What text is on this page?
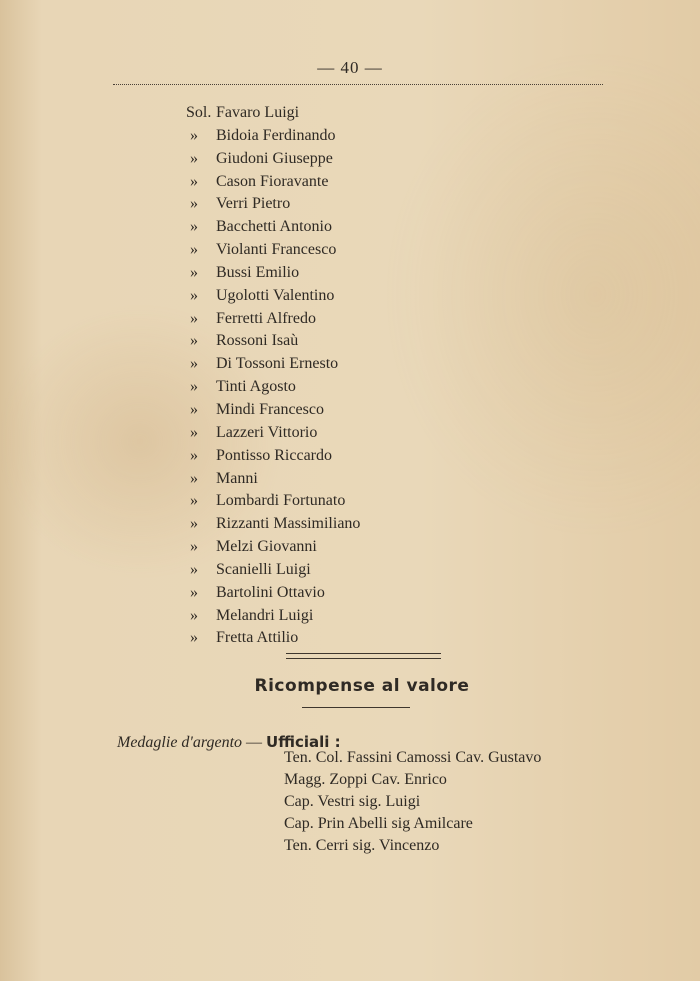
— 40 —
Sol. Favaro Luigi
» Bidoia Ferdinando
» Giudoni Giuseppe
» Cason Fioravante
» Verri Pietro
» Bacchetti Antonio
» Violanti Francesco
» Bussi Emilio
» Ugolotti Valentino
» Ferretti Alfredo
» Rossoni Isaù
» Di Tossoni Ernesto
» Tinti Agosto
» Mindi Francesco
» Lazzeri Vittorio
» Pontisso Riccardo
» Manni
» Lombardi Fortunato
» Rizzanti Massimiliano
» Melzi Giovanni
» Scanielli Luigi
» Bartolini Ottavio
» Melandri Luigi
» Fretta Attilio
Ricompense al valore
Medaglie d'argento — Ufficiali :
Ten. Col. Fassini Camossi Cav. Gustavo
Magg. Zoppi Cav. Enrico
Cap. Vestri sig. Luigi
Cap. Prin Abelli sig Amilcare
Ten. Cerri sig. Vincenzo
